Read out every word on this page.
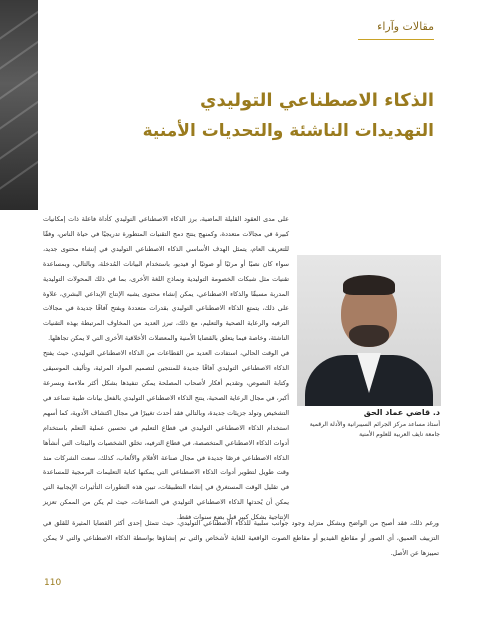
مقالات وآراء
الذكاء الاصطناعي التوليدي
التهديدات الناشئة والتحديات الأمنية
د. قاضي عماد الحق
أستاذ مساعد مركز الجرائم السيبرانية والأدلة الرقمية
جامعة نايف العربية للعلوم الأمنية

على مدى العقود القليلة الماضية، برز الذكاء الاصطناعي التوليدي كأداة فاعلة ذات إمكانيات كبيرة في مجالات متعددة، وكمنهج ينتج دمج التقنيات المتطورة تدريجيًا في حياة الناس، وفقًا للتعريف العام، يتمثل الهدف الأساسي الذكاء الاصطناعي التوليدي في إنشاء محتوى جديد، سواء كان نصيًا أو مرئيًا أو صوتيًا أو فيديو، باستخدام البيانات المُدخلة، وبالتالي، وبمساعدة تقنيات مثل شبكات الخصومة التوليدية ونماذج اللغة الأخرى، بما في ذلك المحولات التوليدية المدربة مسبقًا والذكاء الاصطناعي، يمكن إنشاء محتوى يشبه الإنتاج الإبداعي البشري، علاوة على ذلك، يتمتع الذكاء الاصطناعي التوليدي بقدرات متعددة ويفتح آفاقًا جديدة في مجالات الترفيه والرعاية الصحية والتعليم، مع ذلك، تبرز العديد من المخاوف المرتبطة بهذه التقنيات الناشئة، وخاصة فيما يتعلق بالقضايا الأمنية والمعضلات الأخلاقية الأخرى التي لا يمكن تجاهلها.

في الوقت الحالي، استفادت العديد من القطاعات من الذكاء الاصطناعي التوليدي، حيث يفتح الذكاء الاصطناعي التوليدي آفاقًا جديدة للمنتجين لتصميم المواد المرئية، وتأليف الموسيقى وكتابة النصوص، وتقديم أفكار لأصحاب المصلحة يمكن تنفيذها بشكل أكثر ملاءمة وبسرعة أكبر، في مجال الرعاية الصحية، ينتج الذكاء الاصطناعي التوليدي بالفعل بيانات طبية تساعد في التشخيص وتولد جزيئات جديدة، وبالتالي فقد أحدث تغييرًا في مجال اكتشاف الأدوية، كما أسهم استخدام الذكاء الاصطناعي التوليدي في قطاع التعليم في تحسين عملية التعلم باستخدام أدوات الذكاء الاصطناعي المتخصصة، في قطاع الترفيه، تخلق الشخصيات والبيئات التي أنشأها الذكاء الاصطناعي فرصًا جديدة في مجال صناعة الأفلام والألعاب، كذلك، سعت الشركات منذ وقت طويل لتطوير أدوات الذكاء الاصطناعي التي يمكنها كتابة التعليمات البرمجية للمساعدة في تقليل الوقت المستغرق في إنشاء التطبيقات، تبين هذه التطورات التأثيرات الإيجابية التي يمكن أن يُحدثها الذكاء الاصطناعي التوليدي في الصناعات، حيث لم يكن من الممكن تعزيز الإنتاجية بشكل كبير قبل بضع سنوات فقط.

ورغم ذلك، فقد أصبح من الواضح وبشكل متزايد وجود جوانب سلبية للذكاء الاصطناعي التوليدي، حيث تتمثل إحدى أكثر القضايا المثيرة للقلق في التزييف العميق، أي الصور أو مقاطع الفيديو أو مقاطع الصوت الواقعية للغاية لأشخاص والتي تم إنشاؤها بواسطة الذكاء الاصطناعي والتي لا يمكن تمييزها عن الأصل.

110
